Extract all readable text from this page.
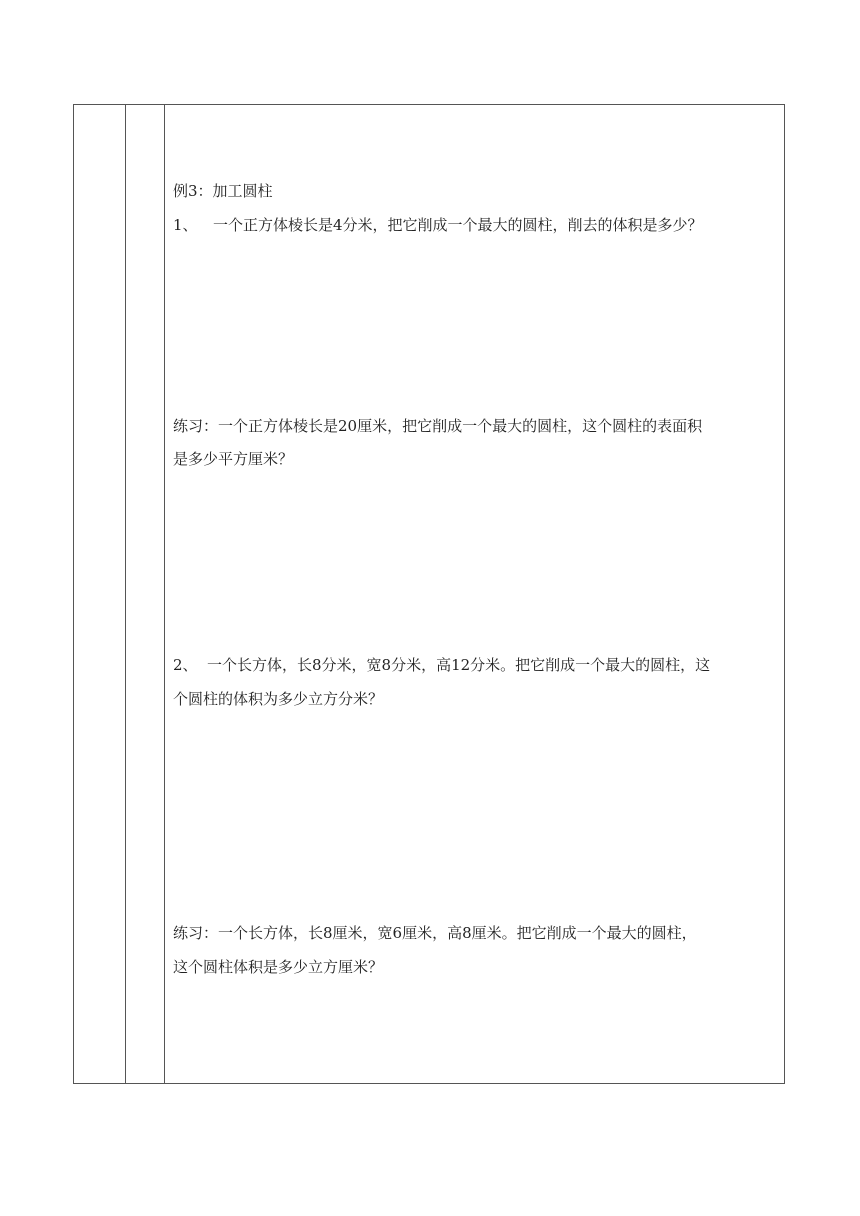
例3：加工圆柱
1、 一个正方体棱长是4分米，把它削成一个最大的圆柱，削去的体积是多少？
练习：一个正方体棱长是20厘米，把它削成一个最大的圆柱，这个圆柱的表面积
是多少平方厘米？
2、 一个长方体，长8分米，宽8分米，高12分米。把它削成一个最大的圆柱，这
个圆柱的体积为多少立方分米？
练习：一个长方体，长8厘米，宽6厘米，高8厘米。把它削成一个最大的圆柱，
这个圆柱体积是多少立方厘米？
